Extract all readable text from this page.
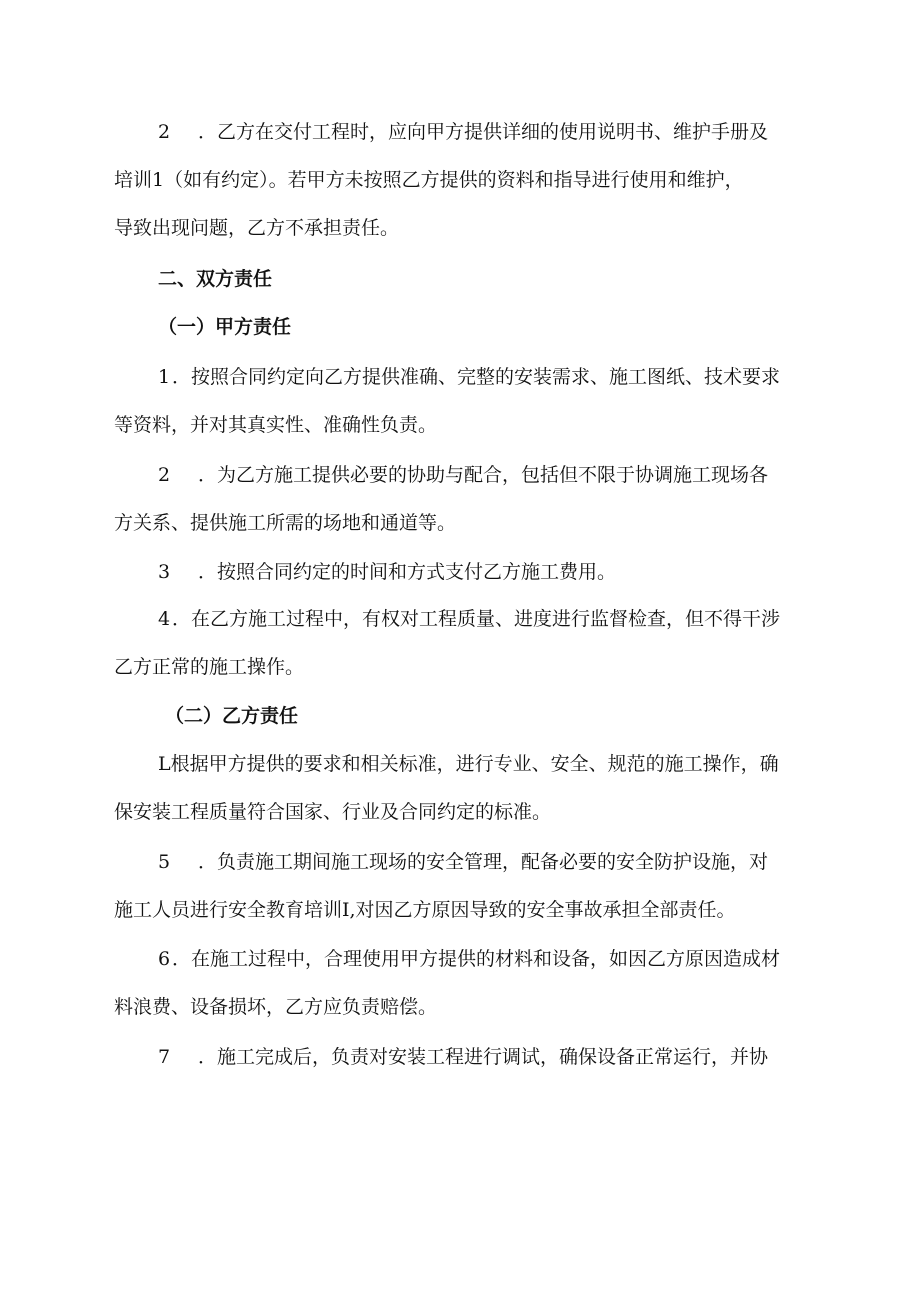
2 ．乙方在交付工程时，应向甲方提供详细的使用说明书、维护手册及
培训1（如有约定）。若甲方未按照乙方提供的资料和指导进行使用和维护，
导致出现问题，乙方不承担责任。
二、双方责任
（一）甲方责任
1 ．按照合同约定向乙方提供准确、完整的安装需求、施工图纸、技术要求
等资料，并对其真实性、准确性负责。
2 ．为乙方施工提供必要的协助与配合，包括但不限于协调施工现场各
方关系、提供施工所需的场地和通道等。
3 ．按照合同约定的时间和方式支付乙方施工费用。
4 ．在乙方施工过程中，有权对工程质量、进度进行监督检查，但不得干涉
乙方正常的施工操作。
（二）乙方责任
L根据甲方提供的要求和相关标准，进行专业、安全、规范的施工操作，确
保安装工程质量符合国家、行业及合同约定的标准。
5 ．负责施工期间施工现场的安全管理，配备必要的安全防护设施，对
施工人员进行安全教育培训I,对因乙方原因导致的安全事故承担全部责任。
6 ．在施工过程中，合理使用甲方提供的材料和设备，如因乙方原因造成材
料浪费、设备损坏，乙方应负责赔偿。
7 ．施工完成后，负责对安装工程进行调试，确保设备正常运行，并协
